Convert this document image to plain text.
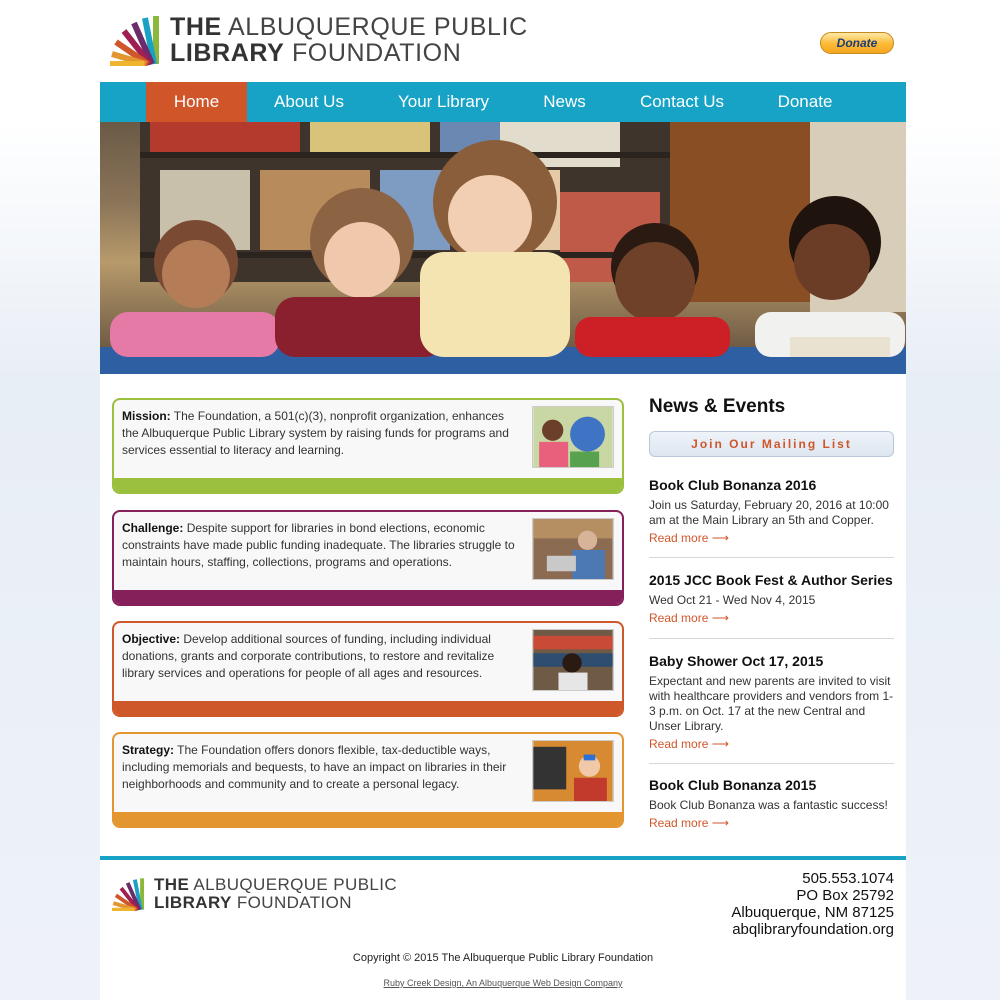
THE ALBUQUERQUE PUBLIC
LIBRARY FOUNDATION	Donate
Home	About Us	Your Library	News	Contact Us	Donate
Mission: The Foundation, a 501(c)(3), nonprofit organization, enhances the Albuquerque Public Library system by raising funds for programs and services essential to literacy and learning.
Challenge: Despite support for libraries in bond elections, economic constraints have made public funding inadequate. The libraries struggle to maintain hours, staffing, collections, programs and operations.
Objective: Develop additional sources of funding, including individual donations, grants and corporate contributions, to restore and revitalize library services and operations for people of all ages and resources.
Strategy: The Foundation offers donors flexible, tax-deductible ways, including memorials and bequests, to have an impact on libraries in their neighborhoods and community and to create a personal legacy.
News & Events
Join Our Mailing List
Book Club Bonanza 2016

Join us Saturday, February 20, 2016 at 10:00 am at the Main Library an 5th and Copper.

Read more ⟶
2015 JCC Book Fest & Author Series

Wed Oct 21 - Wed Nov 4, 2015

Read more ⟶
Baby Shower Oct 17, 2015

Expectant and new parents are invited to visit with healthcare providers and vendors from 1-3 p.m. on Oct. 17 at the new Central and Unser Library.

Read more ⟶
Book Club Bonanza 2015

Book Club Bonanza was a fantastic success!

Read more ⟶
THE ALBUQUERQUE PUBLIC
LIBRARY FOUNDATION
505.553.1074
PO Box 25792
Albuquerque, NM 87125
abqlibraryfoundation.org
Copyright © 2015 The Albuquerque Public Library Foundation
Ruby Creek Design, An Albuquerque Web Design Company
